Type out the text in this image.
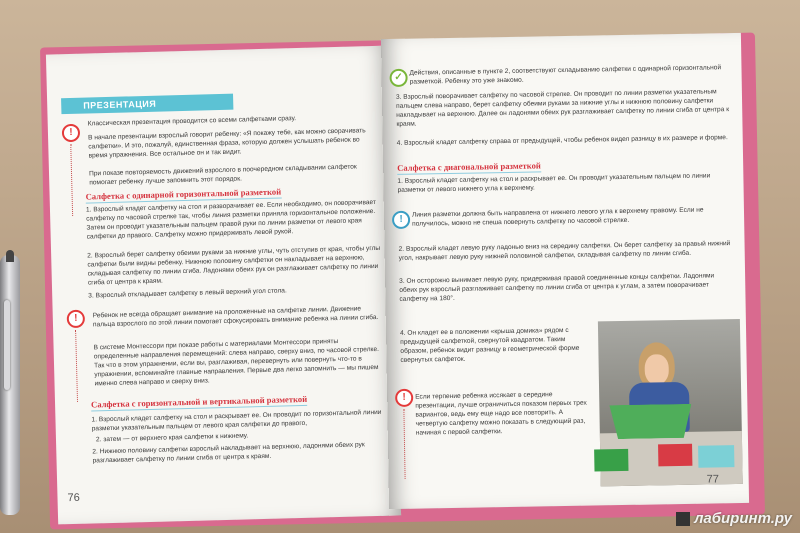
ПРЕЗЕНТАЦИЯ
!
Классическая презентация проводится со всеми салфетками сразу.
В начале презентации взрослый говорит ребенку: «Я покажу тебе, как можно сворачивать салфетки». И это, пожалуй, единственная фраза, которую должен услышать ребенок во время упражнения. Все остальное он и так видит.
При показе повторяемость движений взрослого в поочередном складывании салфеток помогает ребенку лучше запомнить этот порядок.
Салфетка с одинарной горизонтальной разметкой
1. Взрослый кладет салфетку на стол и разворачивает ее. Если необходимо, он поворачивает салфетку по часовой стрелке так, чтобы линия разметки приняла горизонтальное положение. Затем он проводит указательным пальцем правой руки по линии разметки от левого края салфетки до правого. Салфетку можно придерживать левой рукой.
2. Взрослый берет салфетку обеими руками за нижние углы, чуть отступив от края, чтобы углы салфетки были видны ребенку. Нижнюю половину салфетки он накладывает на верхнюю, складывая салфетку по линии сгиба. Ладонями обеих рук он разглаживает салфетку по линии сгиба от центра к краям.
3. Взрослый откладывает салфетку в левый верхний угол стола.
!	Ребенок не всегда обращает внимание на проложенные на салфетке линии. Движение пальца взрослого по этой линии помогает сфокусировать внимание ребенка на линии сгиба.
В системе Монтессори при показе работы с материалами Монтессори приняты определенные направления перемещений: слева направо, сверху вниз, по часовой стрелке. Так что в этом упражнении, если вы, разглаживая, перевернуть или повернуть что-то в упражнении, вспоминайте главные направления. Первые два легко запомнить — мы пишем именно слева направо и сверху вниз.
Салфетка с горизонтальной и вертикальной разметкой
1. Взрослый кладет салфетку на стол и раскрывает ее. Он проводит по горизонтальной линии разметки указательным пальцем от левого края салфетки до правого,
2. затем — от верхнего края салфетки к нижнему.
2. Нижнюю половину салфетки взрослый накладывает на верхнюю, ладонями обеих рук разглаживает салфетку по линии сгиба от центра к краям.
76
✓
Действия, описанные в пункте 2, соответствуют складыванию салфетки с одинарной горизонтальной разметкой. Ребенку это уже знакомо.
3. Взрослый поворачивает салфетку по часовой стрелке. Он проводит по линии разметки указательным пальцем слева направо, берет салфетку обеими руками за нижние углы и нижнюю половину салфетки накладывает на верхнюю. Далее он ладонями обеих рук разглаживает салфетку по линии сгиба от центра к краям.
4. Взрослый кладет салфетку справа от предыдущей, чтобы ребенок видел разницу в их размере и форме.
Салфетка с диагональной разметкой
1. Взрослый кладет салфетку на стол и раскрывает ее. Он проводит указательным пальцем по линии разметки от левого нижнего угла к верхнему.
!
Линия разметки должна быть направлена от нижнего левого угла к верхнему правому. Если не получилось, можно не спеша повернуть салфетку по часовой стрелке.
2. Взрослый кладет левую руку ладонью вниз на середину салфетки. Он берет салфетку за правый нижний угол, накрывает левую руку нижней половиной салфетки, складывая салфетку по линии сгиба.
3. Он осторожно вынимает левую руку, придерживая правой соединенные концы салфетки. Ладонями обеих рук взрослый разглаживает салфетку по линии сгиба от центра к углам, а затем поворачивает салфетку на 180°.
4. Он кладет ее в положении «крыша домика» рядом с предыдущей салфеткой, свернутой квадратом. Таким образом, ребенок видит разницу в геометрической форме свернутых салфеток.
!	Если терпение ребенка иссякает в середине презентации, лучше ограничиться показом первых трех вариантов, ведь ему еще надо все повторить. А четвертую салфетку можно показать в следующий раз, начиная с первой салфетки.
77
лабиринт.ру
